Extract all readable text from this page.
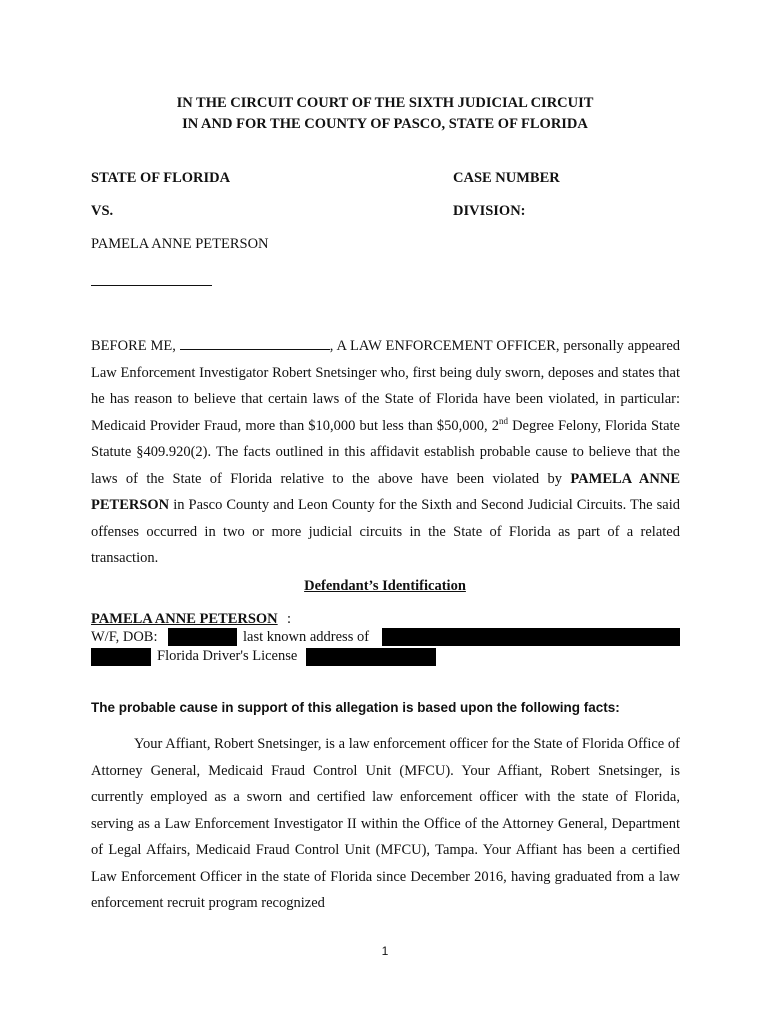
IN THE CIRCUIT COURT OF THE SIXTH JUDICIAL CIRCUIT
IN AND FOR THE COUNTY OF PASCO, STATE OF FLORIDA
STATE OF FLORIDA	CASE NUMBER
VS.	DIVISION:
PAMELA ANNE PETERSON
BEFORE ME,	, A LAW ENFORCEMENT OFFICER, personally appeared Law Enforcement Investigator Robert Snetsinger who, first being duly sworn, deposes and states that he has reason to believe that certain laws of the State of Florida have been violated, in particular: Medicaid Provider Fraud, more than $10,000 but less than $50,000, 2nd Degree Felony, Florida State Statute §409.920(2). The facts outlined in this affidavit establish probable cause to believe that the laws of the State of Florida relative to the above have been violated by PAMELA ANNE PETERSON in Pasco County and Leon County for the Sixth and Second Judicial Circuits. The said offenses occurred in two or more judicial circuits in the State of Florida as part of a related transaction.
Defendant’s Identification
PAMELA ANNE PETERSON :
W/F, DOB:	last known address of
Florida Driver's License
The probable cause in support of this allegation is based upon the following facts:
Your Affiant, Robert Snetsinger, is a law enforcement officer for the State of Florida Office of Attorney General, Medicaid Fraud Control Unit (MFCU). Your Affiant, Robert Snetsinger, is currently employed as a sworn and certified law enforcement officer with the state of Florida, serving as a Law Enforcement Investigator II within the Office of the Attorney General, Department of Legal Affairs, Medicaid Fraud Control Unit (MFCU), Tampa. Your Affiant has been a certified Law Enforcement Officer in the state of Florida since December 2016, having graduated from a law enforcement recruit program recognized
1
